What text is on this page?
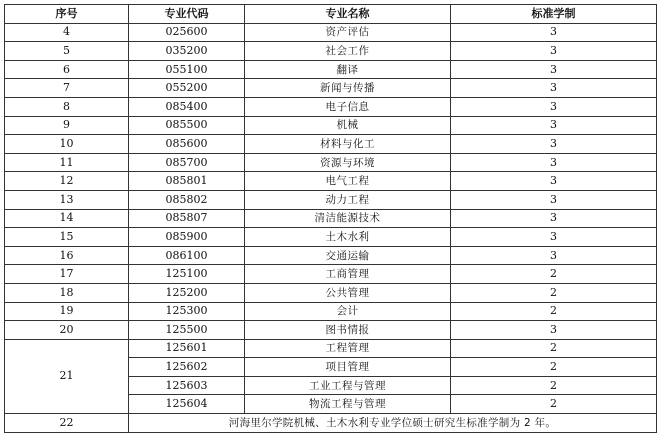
序号	专业代码	专业名称	标准学制
4	025600	资产评估	3
5	035200	社会工作	3
6	055100	翻译	3
7	055200	新闻与传播	3
8	085400	电子信息	3
9	085500	机械	3
10	085600	材料与化工	3
11	085700	资源与环境	3
12	085801	电气工程	3
13	085802	动力工程	3
14	085807	清洁能源技术	3
15	085900	土木水利	3
16	086100	交通运输	3
17	125100	工商管理	2
18	125200	公共管理	2
19	125300	会计	2
20	125500	图书情报	3
21	125601	工程管理	2
	125602	项目管理	2
	125603	工业工程与管理	2
	125604	物流工程与管理	2
22	河海里尔学院机械、土木水利专业学位硕士研究生标准学制为 2 年。		
